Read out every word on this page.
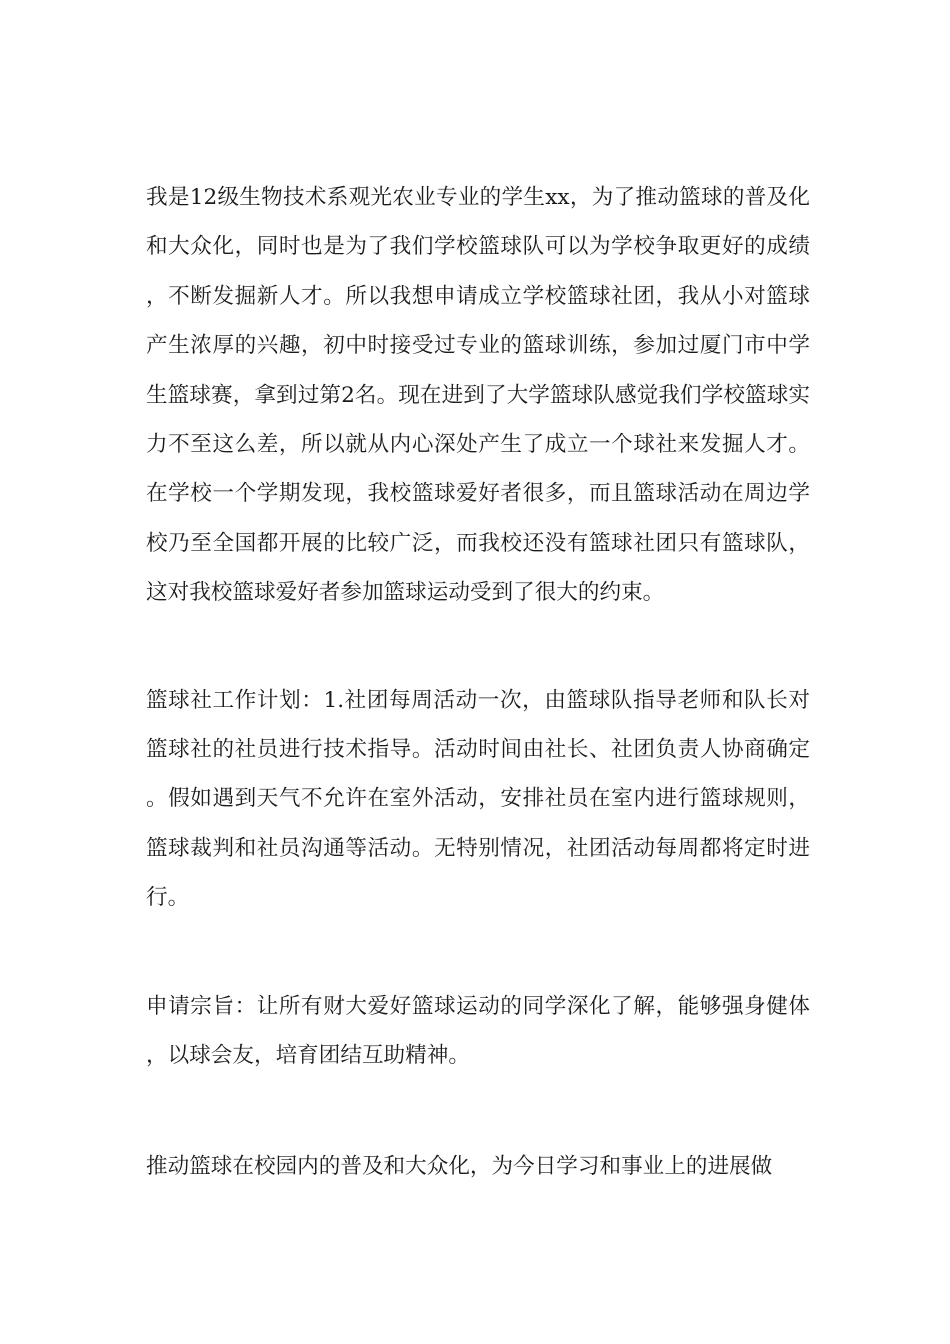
我是12级生物技术系观光农业专业的学生xx，为了推动篮球的普及化和大众化，同时也是为了我们学校篮球队可以为学校争取更好的成绩，不断发掘新人才。所以我想申请成立学校篮球社团，我从小对篮球产生浓厚的兴趣，初中时接受过专业的篮球训练，参加过厦门市中学生篮球赛，拿到过第2名。现在进到了大学篮球队感觉我们学校篮球实力不至这么差，所以就从内心深处产生了成立一个球社来发掘人才。在学校一个学期发现，我校篮球爱好者很多，而且篮球活动在周边学校乃至全国都开展的比较广泛，而我校还没有篮球社团只有篮球队，这对我校篮球爱好者参加篮球运动受到了很大的约束。

篮球社工作计划：1.社团每周活动一次，由篮球队指导老师和队长对篮球社的社员进行技术指导。活动时间由社长、社团负责人协商确定。假如遇到天气不允许在室外活动，安排社员在室内进行篮球规则，篮球裁判和社员沟通等活动。无特别情况，社团活动每周都将定时进行。

申请宗旨：让所有财大爱好篮球运动的同学深化了解，能够强身健体，以球会友，培育团结互助精神。

推动篮球在校园内的普及和大众化，为今日学习和事业上的进展做
